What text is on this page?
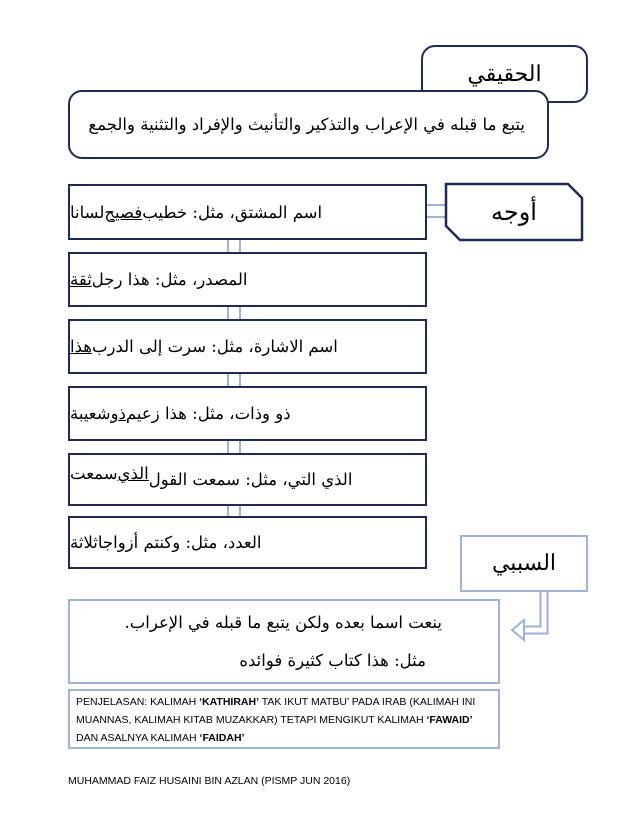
الحقيقي
يتبع ما قبله في الإعراب والتذكير والتأنيث والإفراد والتثنية والجمع
أوجه
اسم المشتق، مثل: خطيب
فصيح
لسانا
المصدر، مثل: هذا رجل
ثقة
اسم الاشارة، مثل: سرت إلى الدرب
هذا
ذو وذات، مثل: هذا زعيم
ذو
شعيبة
الذي التي، مثل: سمعت القول
الذي
سمعت
العدد، مثل: وكنتم أزواجا
ثلاثة
السببي
ينعت اسما بعده ولكن يتبع ما قبله في الإعراب.
مثل: هذا كتاب كثيرة فوائده
PENJELASAN: KALIMAH ‘KATHIRAH’ TAK IKUT MATBU’ PADA IRAB (KALIMAH INI MUANNAS, KALIMAH KITAB MUZAKKAR) TETAPI MENGIKUT KALIMAH ‘FAWAID’ DAN ASALNYA KALIMAH ‘FAIDAH’
MUHAMMAD FAIZ HUSAINI BIN AZLAN (PISMP JUN 2016)
